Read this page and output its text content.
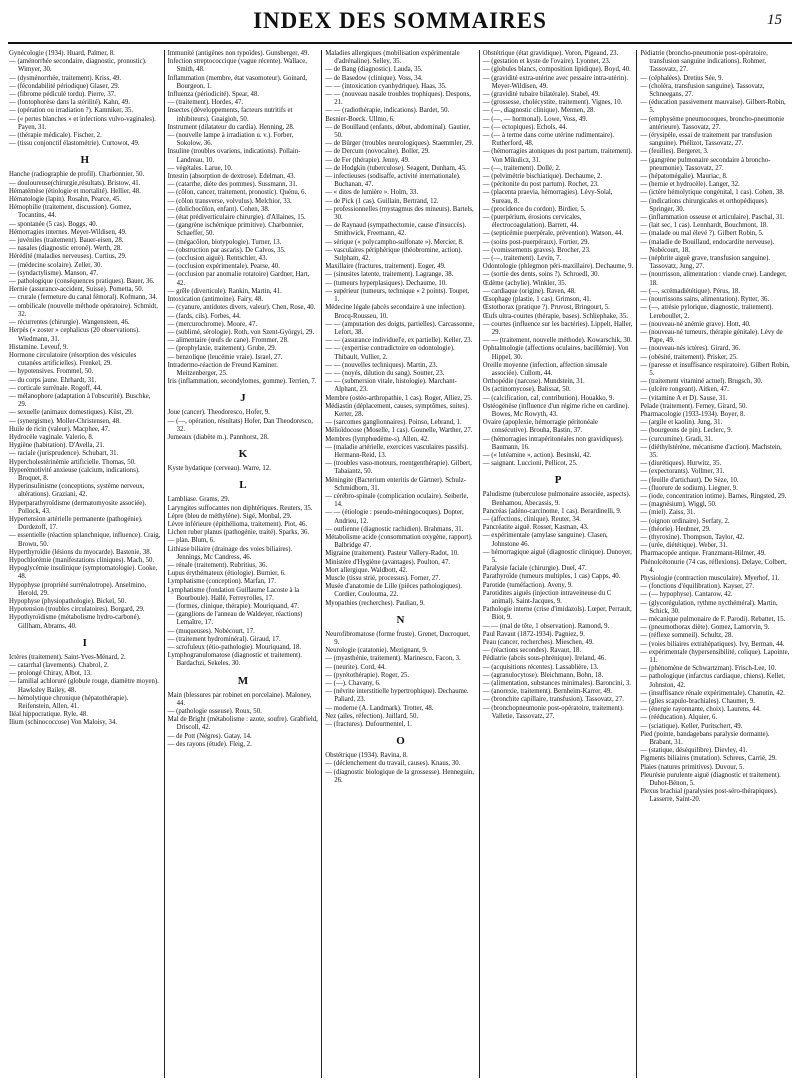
INDEX DES SOMMAIRES	15
Gynécologie (1934). Huard, Palmer, 8.
— (aménorrhée secondaire, diagnostic, pronostic). Wimyer, 30.
— (dysménorrhée, traitement). Kriss, 49.
— (fécondabilité périodique) Glaser, 29.
— (fibrome pédiculé tordu). Pierre, 37.
— (lontophorèse dans la stérilité). Kahn, 49.
— (opération ou irradiation ?). Kamniker, 35.
— (« pertes blanches » et infections vulvo-vaginales). Payen, 31.
— (thérapie médicale). Fischer, 2.
— (tissu conjonctif élastométrie). Curtowot, 49.
H
Hanche (radiographie de profil). Charbonnier, 50.
— douloureuse(chirurgie,résultats). Bristow, 41.
Hématémèse (étiologie et mortalité). Hellier, 48.
Hématologie (lapin). Rosahn, Pearce, 45.
Hémophilie (traitement, discussion). Gomez, Tocantins, 44.
— spontanée (5 cas). Boggs, 40.
Hémorragies internes. Meyer-Wildisen, 49.
— juvéniles (traitement). Bauer-eisen, 28.
— nasales (diagnostic erroné). Werth, 28.
Hérédité (maladies nerveuses). Curtius, 29.
— (médecine scolaire). Zeller, 30.
— (syndactylisme). Manson, 47.
— pathologique (conséquences pratiques). Bauer, 36.
Hernie (assurance-accident, Suisse). Pometta, 50.
— crurale (fermeture du canal fémoral). Kofmann, 34.
— ombilicale (nouvelle méthode opératoire). Schmidt, 32.
— récurrentes (chirurgie). Wangensteen, 46.
Herpès (« zoster » cephalicus (20 observations). Wiedmann, 31.
Histamine. Leveuf, 9.
Hormone circulatoire (résorption des vésicules cutanées artificielles). Frenkel, 29.
— hypotensives. Frommel, 50.
— du corps jaune. Ehrhardt, 31.
— corticale surrénale. Rogoff, 44.
— mélanophore (adaptation à l'obscurité). Buschke, 29.
— sexuelle (animaux domestiques). Küst, 29.
— (synergisme). Moller-Christensen, 48.
Huile de ricin (valeur). Macphee, 47.
Hydrocèle vaginale. Valerio, 8.
Hygiène (habitation). D'Avella, 21.
— raciale (jurisprudence). Schubart, 31.
Hypercholestérinémie artificielle. Thomas, 50.
Hyperémotivité anxieuse (calcium, indications). Broquet, 8.
Hyperinsulinisme (conceptions, système nerveux, altérations). Graziani, 42.
Hyperparathyroïdisme (dermatomyosite associée). Pollock, 43.
Hypertension artérielle permanente (pathogénie). Dordezoff, 17.
— essentielle (réaction splanchnique, influence). Craig, Brown, 50.
Hyperthyroïdie (lésions du myocarde). Bastenie, 38.
Hypochlorémie (manifestations cliniques). Mach, 50.
Hypoglycémie insulinique (symptomatologie). Cooke, 48.
Hypophyse (propriété surrénalotrope). Anselmino, Herold, 29.
Hypophyse (physiopathologie). Bickel, 50.
Hypotension (troubles circulatoires). Borgard, 29.
Hypothyroïdisme (métabolisme hydro-carboné). Gillham, Abrams, 40.
I
Ictères (traitement). Saint-Yves-Ménard, 2.
— catarrhal (lavements). Chabrol, 2.
— prolongé Chiray, Albot, 13.
— familial achloruré (globule rouge, diamètre moyen). Hawksley Bailey, 48.
— hémolytique chronique (hépatothérapie). Reifenstein, Allen, 41.
Iléal hippocratique. Ryle, 48.
Ilium (schinococcose) Von Maloisy, 34.
Immunité (antigènes non typoïdes). Gunsberger, 49.
Infection streptococcique (vague récente). Wallace, Smith, 48.
Inflammation (membre, état vasomoteur). Goinard, Bourgeon, 1.
Influenza (périodicité). Spear, 48.
— (traitement). Hordes, 47.
Insectes (développements, facteurs nutritifs et inhibiteurs). Gnaigioh, 50.
Instrument (dilatateur du cardia). Henning, 28.
— (nouvelle lampe à irradiation u. v.). Forber, Sokolow, 36.
Insuline (troubles ovariens, indications). Pollain-Landreau, 10.
— végétales. Larue, 10.
Intestin (absorption de dextrose). Edelman, 43.
— (catarrhe, diète des pommes). Sussmann, 31.
— (côlon, cancer, traitement, pronostic). Quénu, 6.
— (côlon transverse, volvulus). Melchior, 33.
— (dolichocôlon, enfant). Cohen, 38.
— (état prédiverticulaire chirurgie). d'Allaines, 15.
— (gangrène ischémique primitive). Charbonnier, Schaeffer, 50.
— (mégacôlon, biotypologie). Turner, 13.
— (obstruction par ascaris). De Calvos, 35.
— (occlusion aiguë). Rentschler, 43.
— (occlusion expérimentale). Pearse, 40.
— (occlusion par anomalie rotatoire) Gardner, Hart, 42.
— grêle (diverticule). Rankin, Martin, 41.
Intoxication (antimoine). Fairy, 48.
— (cyanure, antidotes divers, valeur). Chen, Rose, 40.
— (fards, cils). Forbes, 44.
— (mercurochrome). Moore, 47.
— (sublimé, sérologie). Roth, von Szent-Györgyi, 29.
— alimentaire (œufs de cane). Frommer, 28.
— (prophylaxie, traitement). Grube, 29.
— benzolique (leucémie vraie). Israel, 27.
Intradermo-réaction de Freund Kaminer. Meitzenberger, 25.
Iris (inflammation, secondylomes, gomme). Terrien, 7.
J
Joue (cancer). Theodoresco, Hofer, 9.
— (—, opération, résultats) Hofer, Dan Theodoresco, 32.
Jumeaux (diabète m.). Pannhorst, 28.
K
Kyste hydatique (cerveau). Warre, 12.
L
Lambliase. Grams, 29.
Laryngites suffocantes non diphtériques. Reuters, 35.
Lèpre (bleu de méthylène). Sigé, Monbal, 29.
Lèvre inférieure (épithélioma, traitement). Piot, 46.
Lichen ruber planus (pathogénie, traité). Sparks, 36.
— plan. Blum, 6.
Lithiase biliaire (drainage des voies biliaires). Jennings, Mc Candress, 46.
— rénale (traitement). Rubritius, 36.
Lupus érythémateux (étiologie). Burnier, 6.
Lymphatisme (conception). Marfan, 17.
Lymphatisme (fondation Guillaume Lacoste à la Bourboule). Hallé, Ferreyrolles, 17.
— (formes, clinique, thérapie). Mouriquand, 47.
— (ganglions de l'anneau de Waldeyer, réactions) Lemaître, 17.
— (muqueuses). Nobécourt, 17.
— (traitement hydrominéral). Giraud, 17.
— scrofuleux (étio-pathologie). Mouriquand, 18.
Lymphogranulomatose (diagnostic et traitement). Bardachzi, Sekeles, 30.
M
Main (blessures par robinet en porcelaine). Maloney, 44.
— (pathologie osseuse). Roux, 50.
Mal de Bright (métabolisme : azote, soufre). Grabfield, Driscoll, 42.
— de Pott (Négres). Gatay, 14.
— des rayons (étude). Fleig, 2.
Maladies allergiques (mobilisation expérimentale d'adrénaline). Selley, 35.
— de Bang (diagnostic). Lauda, 35.
— de Basedow (clinique). Voss, 34.
— — (intoxication cyanhydrique). Haas, 35.
— — (nouveau nasale troubles trophiques). Despons, 21.
— — (radiothérapie, indications). Bardet, 50.
Besnier-Boeck. Ullmo, 6.
— de Bouillaud (enfants, début, abdominal). Gautier, 50.
— de Bürger (troubles neurologiques). Staemmler, 29.
— de Dercum (novocaïne). Boller, 29.
— de Fer (thérapie). Jenny, 49.
— de Hodgkin (tuberculose). Seagent, Dunham, 45.
— infectieuses (sodisaffe, activité internationale). Buchanan, 47.
— « dites de lumière ». Holm, 33.
— de Pick (1 cas). Guillain, Bertrand, 12.
— professionnelles (mystagmus des mineurs). Bartels, 30.
— de Raynaud (sympathectomie, cause d'insuccès). Smithwick, Freemann, 42.
— sérique (« polycampho-sulfonate »). Mercier, 8.
— vasculaires périphérique (théobromine, action). Sulpham, 42.
Maxillaire (fractures, traitement). Eoger, 49.
— (sinusites latente, traitement). Lagrange, 38.
— (tumeurs hyperplasiques). Dechaume, 10.
— supérieur (tumeurs, technique « 2 points). Toupet, 1.
Médecine légale (abcès secondaire à une infection). Brocq-Rousseu, 10.
— — (amputation des doigts, partielles). Carcassonne, Lefort, 38.
— — (assurance individuel'e, ex partielle). Keller, 23.
— — (expertise contradictoire en odontologie). Thibault, Vullier, 2.
— — (nouvelles techniques). Martin, 23.
— — (noyés, dilution du sang). Soutter, 23.
— — (submersion vitale, histologie). Marchant-Alphant, 23.
Membre (ostéo-arthropathie, 1 cas). Roger, Alliez, 25.
Médiastin (déplacement, causes, symptômes, suites). Kerter, 28.
— (sarcomes ganglionnaires). Poinso, Lebrand, 1.
Mélioïdocose (Moselle, 1 cas). Gounelle, Warther, 27.
Membres (lymphœdème-s). Allen, 42.
— (maladie artérielle, exercices vasculaires passifs). Hermann-Reid, 13.
— (troubles vaso-moteurs, roentgenthérapie). Gilbert, Tabaiantz, 50.
Méningite (Bacterium enteritis de Gärtner). Schulz-Schmidborn, 31.
— cérébro-spinale (complication oculaire). Seiberle, 14.
— — (étiologie : pseudo-méningocoques). Dopter, Andrieu, 12.
— ourlienne (diagnostic rachidien). Brahmans, 31.
Métabolisme acide (consommation oxygène, rapport). Balbridge 47.
Migraine (traitement). Pasteur Vallery-Radot, 10.
Ministère d'Hygiène (avantages). Poulton, 47.
Mort allergique. Waldbott, 42.
Muscle (tissu strié, processus). Forner, 27.
Musée d'anatomie de Lille (pièces pathologiques). Cordier, Coulouma, 22.
Myopathies (recherches). Paulian, 9.
N
Neurofibromatose (forme fruste). Grenet, Ducroquet, 9.
Neurologie (catatonie). Mezignant, 9.
— (myasthénie, traitement). Marinesco, Facon, 3.
— (neurite). Cord, 44.
— (pyrétothérapie). Roger, 25.
— (—). Chavany, 6.
— (névrite interstitielle hypertrophique). Dechaume. Paliard, 23.
— moderne (A. Landmark). Trotter, 48.
Nez (ailes, réfection). Juillard, 50.
— (fractures). Dufourmentel, 1.
O
Obstétrique (1934). Ravina, 8.
— (déclenchement du travail, causes). Knaus, 30.
— (diagnostic biologique de la grossesse). Henneguin, 26.
Obstétrique (état gravidique). Voron, Pigeaud, 23.
— (gestation et kyste de l'ovaire). Lyonnet, 23.
— (globules blancs, composition lipidique). Boyd, 40.
— (gravidité extra-utérine avec pessaire intra-utérin). Meyer-Wildisen, 49.
— (gravidité tubaire bilatérale). Stabel, 49.
— (grossesse, cholécystite, traitement). Vignes, 10.
— (—, diagnostic clinique). Mennen, 28.
— (—, — hormonal). Lowe, Voss, 49.
— (— ectopiques). Echols, 44.
— (— à terme dans corne utérine rudimentaire). Rutherford, 48.
— (hémorragies atoniques du post partum, traitement). Von Mikulicz, 31.
— (—, traitement). Dollé, 2.
— (pelvimétrie bischiatique). Dechaume, 2.
— (péritonite du post partum). Rochet, 23.
— (placenta praevia, hémorragies). Lévy-Solal, Sureau, 8.
— (procidence du cordon). Birdier, 5.
— (puerpérium, érosions cervicales, électrocoagulation). Barrett, 44.
— (septicémie puerpérale, prévention). Watson, 44.
— (soins post-puerpéraux). Fortier, 29.
— (vomissements graves). Brocher, 23.
— (—, traitement). Levin, 7.
Odontologie (phlegmon péri-maxillaire). Dechaume, 9.
— (sortie des dents, soins ?). Schroedl, 30.
Œdème (achylie). Winkler, 35.
— cardiaque (origine). Raven, 48.
Œsophage (plastie, 1 cas). Grimson, 41.
Œstothorax (pratique ?). Pruvost, Bringourt, 5.
Œufs ultra-courtes (thérapie, bases). Schliephake, 35.
— courtes (influence sur les bactéries). Lippelt, Haller, 29.
— — (traitement, nouvelle méthode). Kowarschik, 30.
Ophtalmologie (affections oculaires, bacillémie). Von Hippel, 30.
Oreille moyenne (infection, affection sinusale associée). Cullom, 44.
Orthopédie (narcose). Mundstein, 31.
Os (actinomycose). Balissat, 50.
— (calcification, cal, contribution). Houakko, 9.
Ostéogénèse (influence d'un régime riche en cardine). Bowes, Mc Rowyth, 43.
Ovaire (apoplexie, hémorragie péritonéale consécutive). Brouha, Bastin, 37.
— (hémorragies intrapéritonéales non gravidiques). Baumann, 16.
— (« lutéamine », action). Besinski, 42.
— saignant. Luccioni, Pellicot, 25.
P
Paludisme (tuberculose pulmonaire associée, aspects). Benhamou, Abecassis, 9.
Pancréas (adéno-carcinome, 1 cas). Berardinelli, 9.
— (affections, clinique). Reuter, 34.
Pancréatite aiguë. Rosser, Kasman, 43.
— expérimentale (amylase sanguine). Clasen, Johnstone 46.
— hémorragique aiguë (diagnostic clinique). Dunoyer, 5.
Paralysie faciale (chirurgie). Duel, 47.
Parathyroïde (tumeurs multiples, 1 cas) Capps, 40.
Parotide (tuméfaction). Aveny, 9.
Parotidites aiguës (injection intraveineuse du C animal). Saint-Jacques, 9.
Pathologie interne (crise d'imidazols). Lœper, Perrault, Biot, 9.
— — (mal de tête, 1 observation). Ramond, 9.
Paul Ravaut (1872-1934). Pagniez, 9.
Peau (cancer, recherches). Mieschen, 49.
— (réactions secondes). Ravaut, 18.
Pédiatrie (abcès sous-phrénique). Ireland, 46.
— (acquisitions récentes). Lassablière, 13.
— (agranulocytose). Bleichmann, Bohn, 18.
— (alimentation, substances minimales). Baroncini, 3.
— (anorexie, traitement). Bernheim-Karrer, 49.
— (bronchite capillaire, transfusion). Tassovatz, 27.
— (bronchopneumonie post-opératoire, traitement). Valletie, Tassovatz, 27.
Pédiatrie (broncho-pneumonie post-opératoire, transfusion sanguine indications). Rohmer, Tassovatz, 27.
— (céphalées). Dretius Sée, 9.
— (choléra, transfusion sanguine). Tassovatz, Schneegans, 27.
— (éducation passivement mauvaise). Gilbert-Robin, 5.
— (emphysème pneumocoques, broncho-pneumonie antérieure). Tassovatz, 27.
— (érysipèle, essai de traitement par transfusion sanguine). Phélizot, Tassovatz, 27.
— (feuilles). Bergeret, 3.
— (gangrène pulmonaire secondaire à broncho-pneumonie). Tassovatz, 27.
— (hépatomégalie). Mauriac, 8.
— (hernie et hydrocèle). Langer, 32.
— (ictère hémolytique congénital, 1 cas). Cohen, 38.
— (indications chirurgicales et orthopédiques). Springer, 30.
— (inflammation osseuse et articulaire). Paschal, 31.
— (lait sec, 1 cas). Lennhardt, Bouchmont, 18.
— (malade ou mal élevé ?). Gilbert Robin, 5.
— (maladie de Bouillaud, endocardite nerveuse). Nobécourt, 18.
— (néphrite aiguë grave, transfusion sanguine). Tassovatz, Jung, 27.
— (nourrisson, alimentation : viande crue). Landeger, 18.
— (—, scrémadiététique). Pérus, 18.
— (nourrissons sains, alimentation). Rytter, 36.
— (—, atrésie pylorique, diagnostic, traitement). Lereboullet, 2.
— (nouveau-né anémie grave). Hott, 40.
— (nouveau-né tumeurs, thérapie génitale). Lévy de Pape, 49.
— (nouveau-nés ictères). Girard, 36.
— (obésité, traitement). Prisker, 25.
— (paresse et insuffisance respiratoire). Gilbert Robin, 5.
— (traitement vitaminé actuel). Brugsch, 30.
— (ulcère rongeant). Aitken, 47.
— (vitamine A et D). Sause, 31.
Pelade (traitement). Ferney, Girard, 50.
Pharmacologie (1933-1934). Boyer, 8.
— (argile et kaolin). Jung, 31.
— (bourgeons de pin). Leclerc, 9.
— (curcumine). Gradi, 31.
— (diéthylstérène, mécanisme d'action). Machstein, 35.
— (diurétiques). Hurwitz, 35.
— (expectorants). Vollmer, 31.
— (feuille d'artichaut). De Sèze, 10.
— (fluorure de sodium). Liegner, 9.
— (iode, concentration intime). Barnes, Ringsted, 29.
— (magnésium). Wiggl, 50.
— (miel). Zaiss, 31.
— (oignon ordinaire). Serfaty, 2.
— (théorie). Heubner, 29.
— (thyroxine). Thompson, Taylor, 42.
— (urée, diététique). Weber, 31.
Pharmacopée antique. Franzmann-Hilmer, 49.
Phénolcétonurie (74 cas, réflexions). Delaye, Colbert, 4.
Physiologie (contraction musculaire). Myerhof, 11.
— (fonctions d'équilibration). Kayser, 27.
— (— hypophyse). Cantarow, 42.
— (glycorégulation, rythme nycthéméral). Martin, Schick, 30.
— mécanique pulmonaire de F. Parodi). Rebattet, 15.
— (pneumothorax diète). Gomez, Lamorvin, 9.
— (réflexe sommeil). Schultz, 28.
— (voies biliaires extrahépatiques). Ivy, Berman, 44.
— expérimentale (hypersensibilité, colique). Lapointe, 11.
— (phénomène de Schwartzman). Frisch-Lee, 10.
— pathologique (infarctus cardiaque, chiens). Kellet, Johnston, 42.
— (insuffisance rénale expérimentale). Chanutin, 42.
— (glies scapulo-brachiales). Chaumet, 9.
— (énergie rayonnante, choix). Laurens, 44.
— (rééducation). Alquier, 6.
— (sciatique). Keller, Puritschert, 49.
Pied (pointe, bandagebans paralysie dormante). Brabant, 31.
— (statique, déséquilibre). Dievley, 41.
Pigments biliaires (mutation). Schreus, Carrié, 29.
Plaies (natures primitives). Duvour, 5.
Pleurésie purulente aiguë (diagnostic et traitement). Duhot-Bénon, 5.
Plexus brachial (paralysies post-séro-thérapiques). Lasserre, Saint-20.
